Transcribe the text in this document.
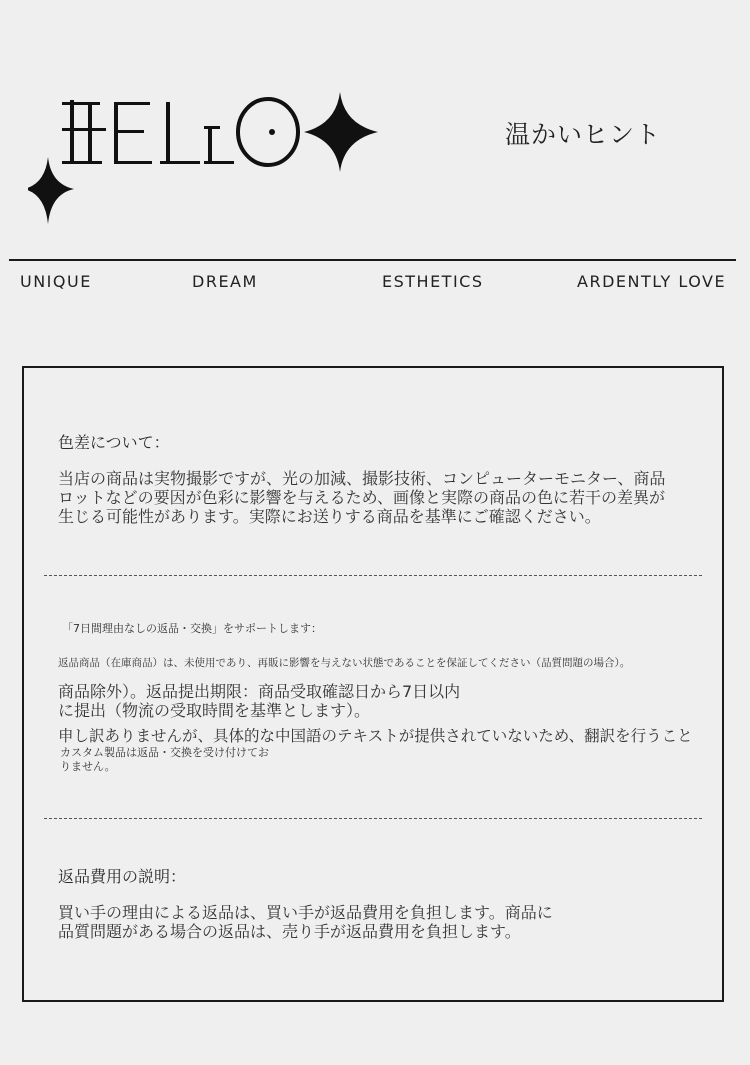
温かいヒント
UNIQUE	DREAM	ESTHETICS	ARDENTLY LOVE
色差について：
当店の商品は実物撮影ですが、光の加減、撮影技術、コンピューターモニター、商品
ロットなどの要因が色彩に影響を与えるため、画像と実際の商品の色に若干の差異が
生じる可能性があります。実際にお送りする商品を基準にご確認ください。
「7日間理由なしの返品・交換」をサポートします：
返品商品（在庫商品）は、未使用であり、再販に影響を与えない状態であることを保証してください（品質問題の場合）。
商品除外）。返品提出期限：商品受取確認日から7日以内
に提出（物流の受取時間を基準とします）。
申し訳ありませんが、具体的な中国語のテキストが提供されていないため、翻訳を行うこと
カスタム製品は返品・交換を受け付けてお
りません。
返品費用の説明：
買い手の理由による返品は、買い手が返品費用を負担します。商品に
品質問題がある場合の返品は、売り手が返品費用を負担します。
